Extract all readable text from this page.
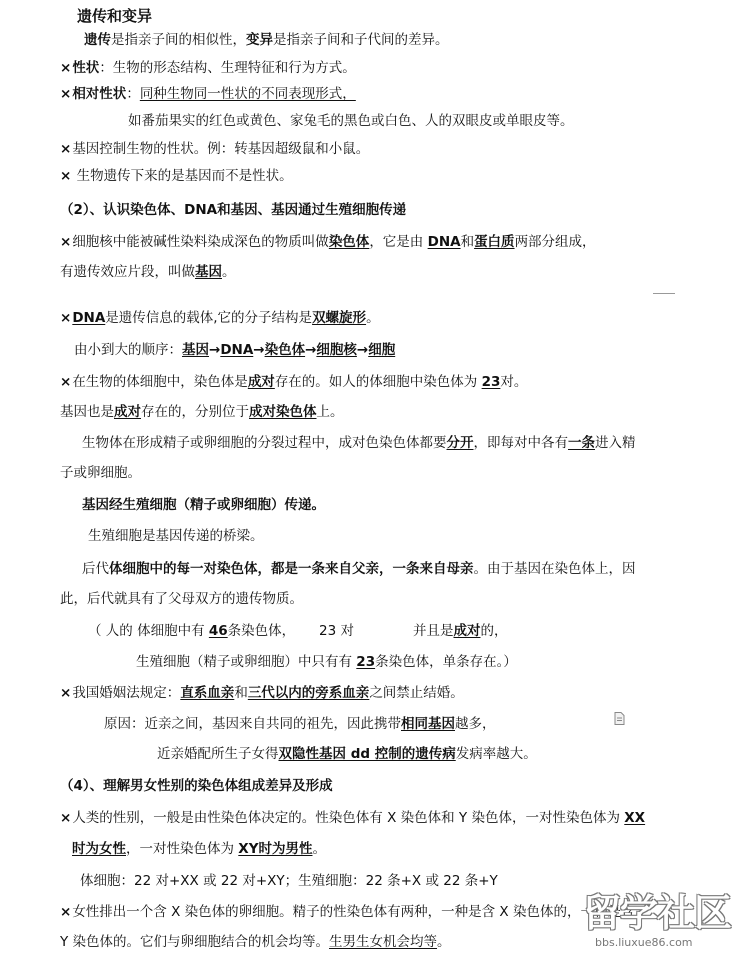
遗传和变异
遗传是指亲子间的相似性，变异是指亲子间和子代间的差异。
×性状：生物的形态结构、生理特征和行为方式。
×相对性状：同种生物同一性状的不同表现形式，
如番茄果实的红色或黄色、家兔毛的黑色或白色、人的双眼皮或单眼皮等。
×基因控制生物的性状。例：转基因超级鼠和小鼠。
× 生物遗传下来的是基因而不是性状。
（2）、认识染色体、DNA和基因、基因通过生殖细胞传递
×细胞核中能被碱性染料染成深色的物质叫做染色体，它是由 DNA和蛋白质两部分组成，
有遗传效应片段，叫做基因。
×DNA是遗传信息的载体,它的分子结构是双螺旋形。
由小到大的顺序：基因→DNA→染色体→细胞核→细胞
×在生物的体细胞中，染色体是成对存在的。如人的体细胞中染色体为 23对。
基因也是成对存在的，分别位于成对染色体上。
生物体在形成精子或卵细胞的分裂过程中，成对色染色体都要分开，即每对中各有一条进入精
子或卵细胞。
基因经生殖细胞（精子或卵细胞）传递。
生殖细胞是基因传递的桥梁。
后代体细胞中的每一对染色体，都是一条来自父亲，一条来自母亲。由于基因在染色体上，因
此，后代就具有了父母双方的遗传物质。
（ 人的 体细胞中有 46条染色体， 23 对	并且是成对的，
生殖细胞（精子或卵细胞）中只有有 23条染色体，单条存在。）
×我国婚姻法规定：直系血亲和三代以内的旁系血亲之间禁止结婚。
原因：近亲之间，基因来自共同的祖先，因此携带相同基因越多，
近亲婚配所生子女得双隐性基因 dd 控制的遗传病发病率越大。
（4）、理解男女性别的染色体组成差异及形成
×人类的性别，一般是由性染色体决定的。性染色体有 X 染色体和 Y 染色体，一对性染色体为 XX
时为女性，一对性染色体为 XY时为男性。
体细胞：22 对+XX 或 22 对+XY；生殖细胞：22 条+X 或 22 条+Y
×女性排出一个含 X 染色体的卵细胞。精子的性染色体有两种，一种是含 X 染色体的，一种是含
Y 染色体的。它们与卵细胞结合的机会均等。生男生女机会均等。
留学社区
bbs.liuxue86.com
